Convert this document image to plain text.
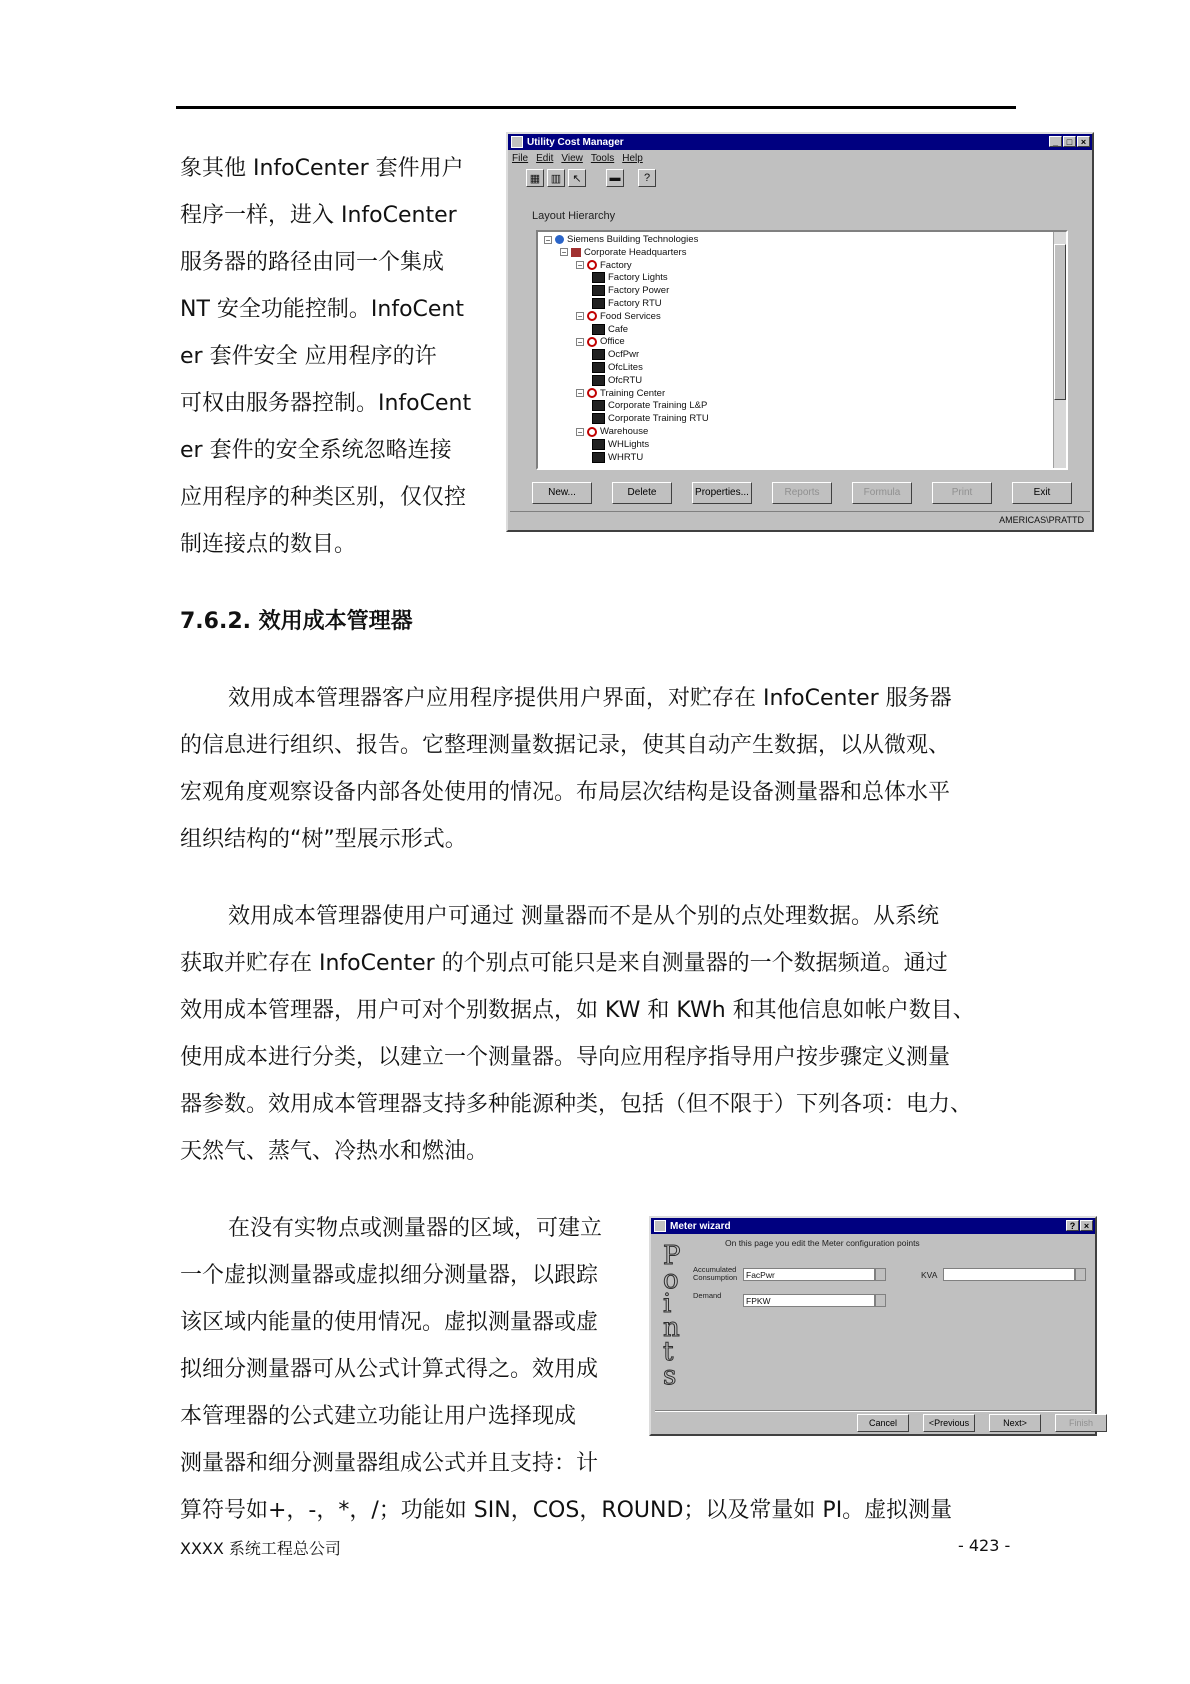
象其他 InfoCenter 套件用户
程序一样，进入 InfoCenter
服务器的路径由同一个集成
NT 安全功能控制。InfoCent
er 套件安全 应用程序的许
可权由服务器控制。InfoCent
er 套件的安全系统忽略连接
应用程序的种类区别，仅仅控
制连接点的数目。
Utility Cost Manager	_ □ ×
File Edit View Tools Help
▦ ▥	↖	▬	?
Layout Hierarchy
− Siemens Building Technologies
− Corporate Headquarters
− Factory
Factory Lights
Factory Power
Factory RTU
− Food Services
Cafe
− Office
OcfPwr
OfcLites
OfcRTU
− Training Center
Corporate Training L&P
Corporate Training RTU
− Warehouse
WHLights
WHRTU
New...	Delete	Properties...	Reports	Formula	Print	Exit
AMERICAS\PRATTD
7.6.2. 效用成本管理器
效用成本管理器客户应用程序提供用户界面，对贮存在 InfoCenter 服务器
的信息进行组织、报告。它整理测量数据记录，使其自动产生数据，以从微观、
宏观角度观察设备内部各处使用的情况。布局层次结构是设备测量器和总体水平
组织结构的“树”型展示形式。
效用成本管理器使用户可通过 测量器而不是从个别的点处理数据。从系统
获取并贮存在 InfoCenter 的个别点可能只是来自测量器的一个数据频道。通过
效用成本管理器，用户可对个别数据点，如 KW 和 KWh 和其他信息如帐户数目、
使用成本进行分类，以建立一个测量器。导向应用程序指导用户按步骤定义测量
器参数。效用成本管理器支持多种能源种类，包括（但不限于）下列各项：电力、
天然气、蒸气、冷热水和燃油。
在没有实物点或测量器的区域，可建立
一个虚拟测量器或虚拟细分测量器，以跟踪
该区域内能量的使用情况。虚拟测量器或虚
拟细分测量器可从公式计算式得之。效用成
本管理器的公式建立功能让用户选择现成
测量器和细分测量器组成公式并且支持：计
算符号如+，-，*，/；功能如 SIN，COS，ROUND；以及常量如 PI。虚拟测量
Meter wizard	? ×
P
o
i
n
t
s
On this page you edit the Meter configuration points
Accumulated Consumption	FacPwr
Demand
FPKW
KVA
Cancel	<Previous	Next>	Finish
XXXX 系统工程总公司	- 423 -
